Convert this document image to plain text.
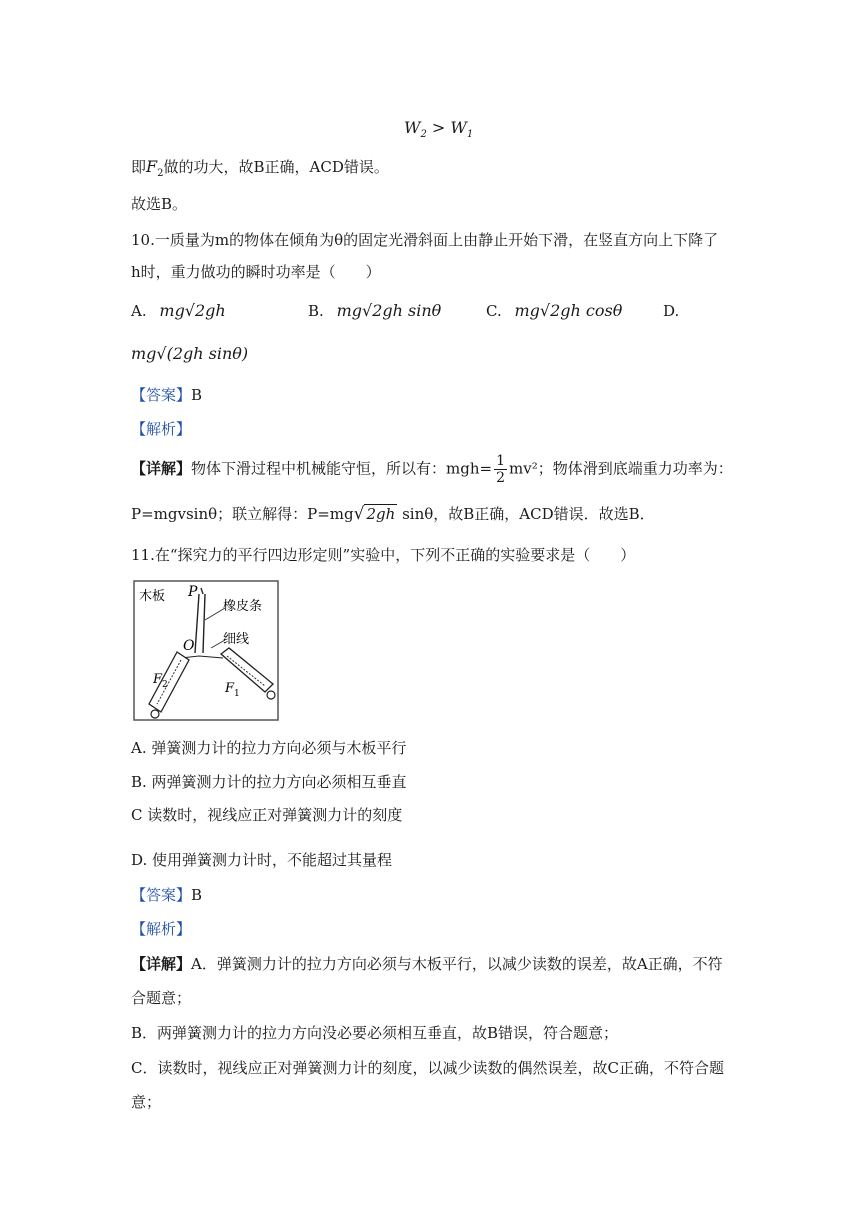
$W_2 > W_1$
即$F_2$做的功大，故B正确，ACD错误。
故选B。
10.一质量为m的物体在倾角为θ的固定光滑斜面上由静止开始下滑，在竖直方向上下降了
h时，重力做功的瞬时功率是（　　）
A. mg√2gh	B. mg√2gh sinθ	C. mg√2gh cosθ	D.
mg√(2gh sinθ)
【答案】B
【解析】
【详解】物体下滑过程中机械能守恒，所以有：$mgh= \frac{1}{2} mv^2$；物体滑到底端重力功率为：
P=mgvsinθ；联立解得：P=mg√ 2gh sinθ，故B正确，ACD错误．故选B．
11.在“探究力的平行四边形定则”实验中，下列不正确的实验要求是（　　）
木板 P
橡皮条
O 细线
F 2	F 1
A. 弹簧测力计的拉力方向必须与木板平行
B. 两弹簧测力计的拉力方向必须相互垂直
C 读数时，视线应正对弹簧测力计的刻度
D. 使用弹簧测力计时，不能超过其量程
【答案】B
【解析】
【详解】A．弹簧测力计的拉力方向必须与木板平行，以减少读数的误差，故A正确，不符
合题意；
B．两弹簧测力计的拉力方向没必要必须相互垂直，故B错误，符合题意；
C．读数时，视线应正对弹簧测力计的刻度，以减少读数的偶然误差，故C正确，不符合题
意；
